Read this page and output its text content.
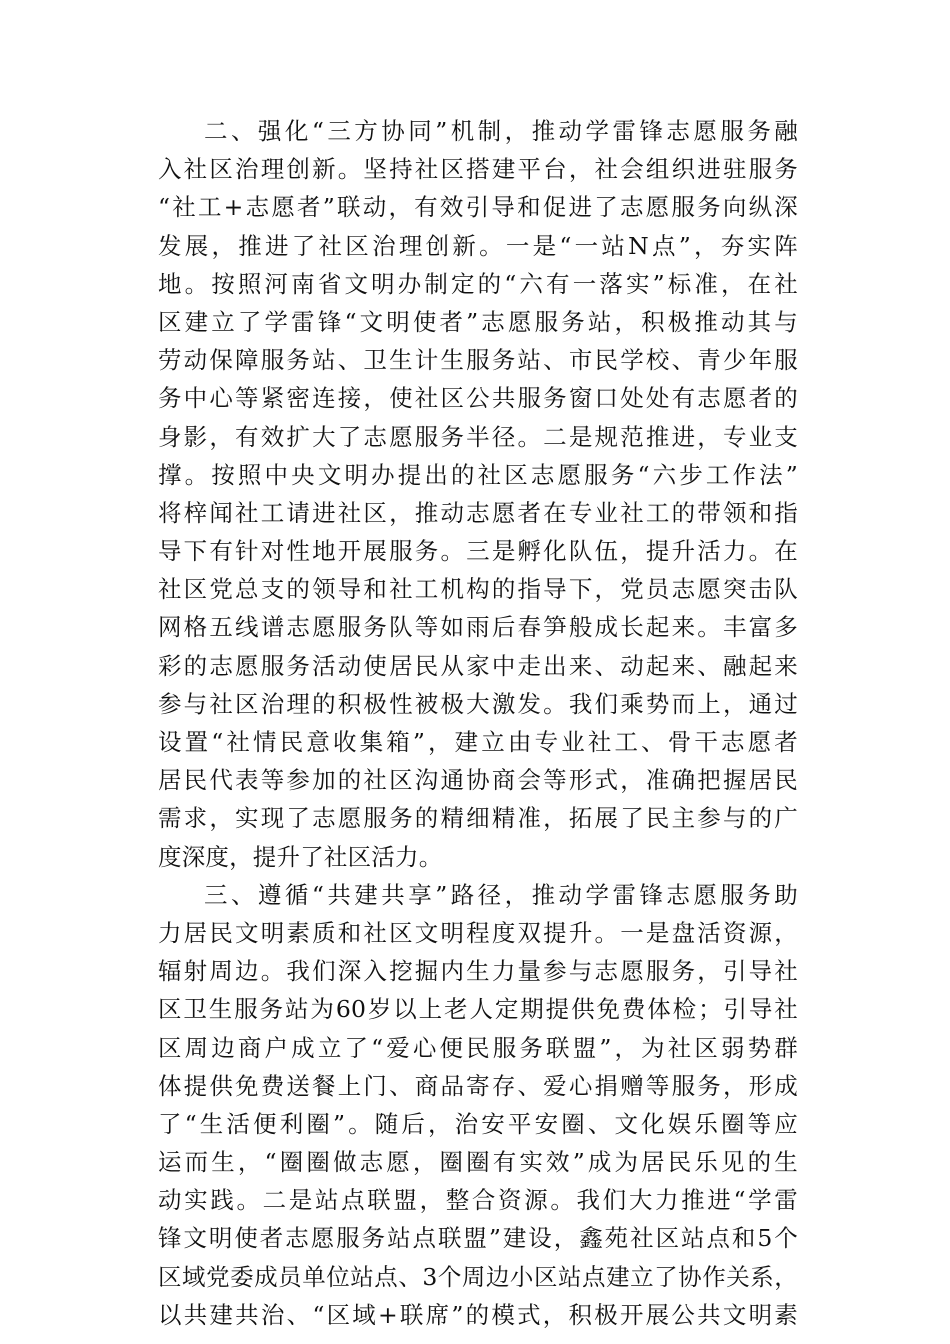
二、强化“三方协同”机制，推动学雷锋志愿服务融
入社区治理创新。坚持社区搭建平台，社会组织进驻服务
“社工+志愿者”联动，有效引导和促进了志愿服务向纵深
发展，推进了社区治理创新。一是“一站N点”，夯实阵
地。按照河南省文明办制定的“六有一落实”标准，在社
区建立了学雷锋“文明使者”志愿服务站，积极推动其与
劳动保障服务站、卫生计生服务站、市民学校、青少年服
务中心等紧密连接，使社区公共服务窗口处处有志愿者的
身影，有效扩大了志愿服务半径。二是规范推进，专业支
撑。按照中央文明办提出的社区志愿服务“六步工作法”
将梓闻社工请进社区，推动志愿者在专业社工的带领和指
导下有针对性地开展服务。三是孵化队伍，提升活力。在
社区党总支的领导和社工机构的指导下，党员志愿突击队
网格五线谱志愿服务队等如雨后春笋般成长起来。丰富多
彩的志愿服务活动使居民从家中走出来、动起来、融起来
参与社区治理的积极性被极大激发。我们乘势而上，通过
设置“社情民意收集箱”，建立由专业社工、骨干志愿者
居民代表等参加的社区沟通协商会等形式，准确把握居民
需求，实现了志愿服务的精细精准，拓展了民主参与的广
度深度，提升了社区活力。
三、遵循“共建共享”路径，推动学雷锋志愿服务助
力居民文明素质和社区文明程度双提升。一是盘活资源，
辐射周边。我们深入挖掘内生力量参与志愿服务，引导社
区卫生服务站为60岁以上老人定期提供免费体检；引导社
区周边商户成立了“爱心便民服务联盟”，为社区弱势群
体提供免费送餐上门、商品寄存、爱心捐赠等服务，形成
了“生活便利圈”。随后，治安平安圈、文化娱乐圈等应
运而生，“圈圈做志愿，圈圈有实效”成为居民乐见的生
动实践。二是站点联盟，整合资源。我们大力推进“学雷
锋文明使者志愿服务站点联盟”建设，鑫苑社区站点和5个
区域党委成员单位站点、3个周边小区站点建立了协作关系，
以共建共治、“区域+联席”的模式，积极开展公共文明素
